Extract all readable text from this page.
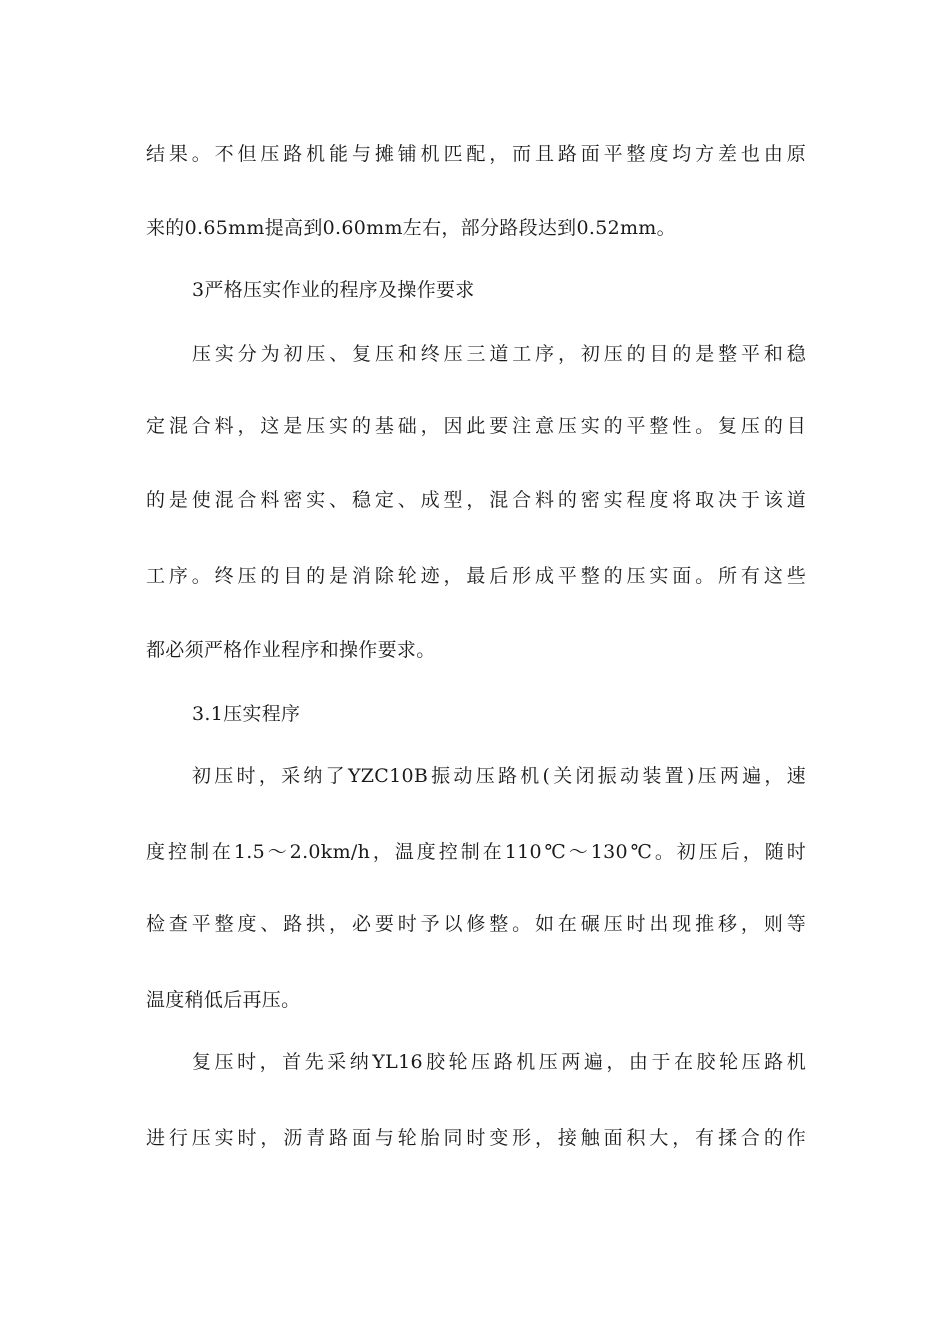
结果。不但压路机能与摊铺机匹配，而且路面平整度均方差也由原
来的0.65mm提高到0.60mm左右，部分路段达到0.52mm。
3严格压实作业的程序及操作要求
压实分为初压、复压和终压三道工序，初压的目的是整平和稳
定混合料，这是压实的基础，因此要注意压实的平整性。复压的目
的是使混合料密实、稳定、成型，混合料的密实程度将取决于该道
工序。终压的目的是消除轮迹，最后形成平整的压实面。所有这些
都必须严格作业程序和操作要求。
3.1压实程序
初压时，采纳了YZC10B振动压路机(关闭振动装置)压两遍，速
度控制在1.5～2.0km/h，温度控制在110℃～130℃。初压后，随时
检查平整度、路拱，必要时予以修整。如在碾压时出现推移，则等
温度稍低后再压。
复压时，首先采纳YL16胶轮压路机压两遍，由于在胶轮压路机
进行压实时，沥青路面与轮胎同时变形，接触面积大，有揉合的作
